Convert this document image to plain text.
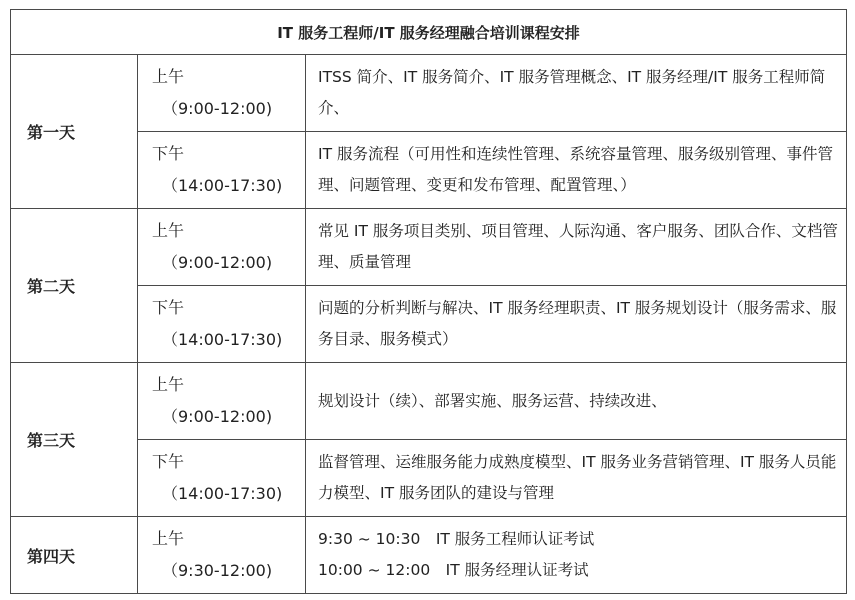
IT 服务工程师/IT 服务经理融合培训课程安排		
第一天	上午
（9:00-12:00)	ITSS 简介、IT 服务简介、IT 服务管理概念、IT 服务经理/IT 服务工程师简介、

	下午
（14:00-17:30)	IT 服务流程（可用性和连续性管理、系统容量管理、服务级别管理、事件管理、问题管理、变更和发布管理、配置管理、）
第二天	上午
（9:00-12:00)	常见 IT 服务项目类别、项目管理、人际沟通、客户服务、团队合作、文档管理、质量管理

	下午
（14:00-17:30)	问题的分析判断与解决、IT 服务经理职责、IT 服务规划设计（服务需求、服务目录、服务模式）
第三天	上午
（9:00-12:00)	规划设计（续）、部署实施、服务运营、持续改进、

	下午
（14:00-17:30)	监督管理、运维服务能力成熟度模型、IT 服务业务营销管理、IT 服务人员能力模型、IT 服务团队的建设与管理
第四天	上午
（9:30-12:00)	9:30 ~ 10:30　IT 服务工程师认证考试
10:00 ~ 12:00　IT 服务经理认证考试
